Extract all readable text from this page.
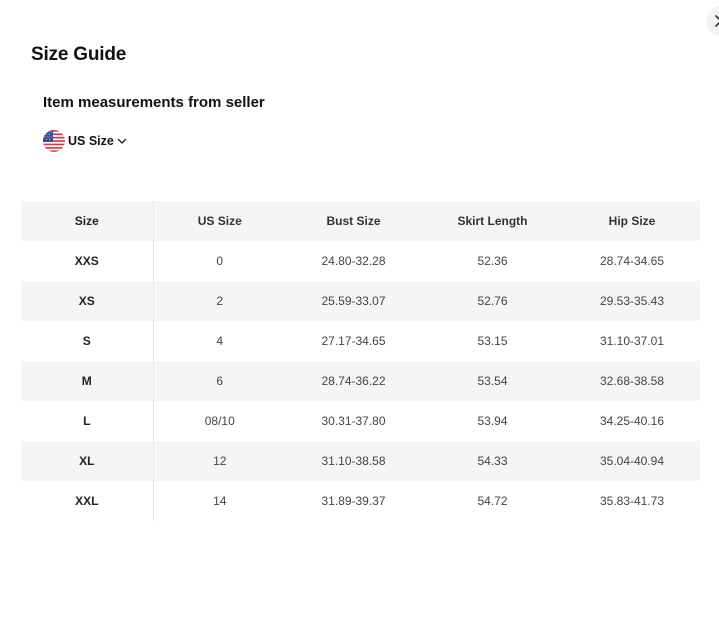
Size Guide
Item measurements from seller
US Size
Size	US Size	Bust Size	Skirt Length	Hip Size
XXS	0	24.80-32.28	52.36	28.74-34.65
XS	2	25.59-33.07	52.76	29.53-35.43
S	4	27.17-34.65	53.15	31.10-37.01
M	6	28.74-36.22	53.54	32.68-38.58
L	08/10	30.31-37.80	53.94	34.25-40.16
XL	12	31.10-38.58	54.33	35.04-40.94
XXL	14	31.89-39.37	54.72	35.83-41.73
